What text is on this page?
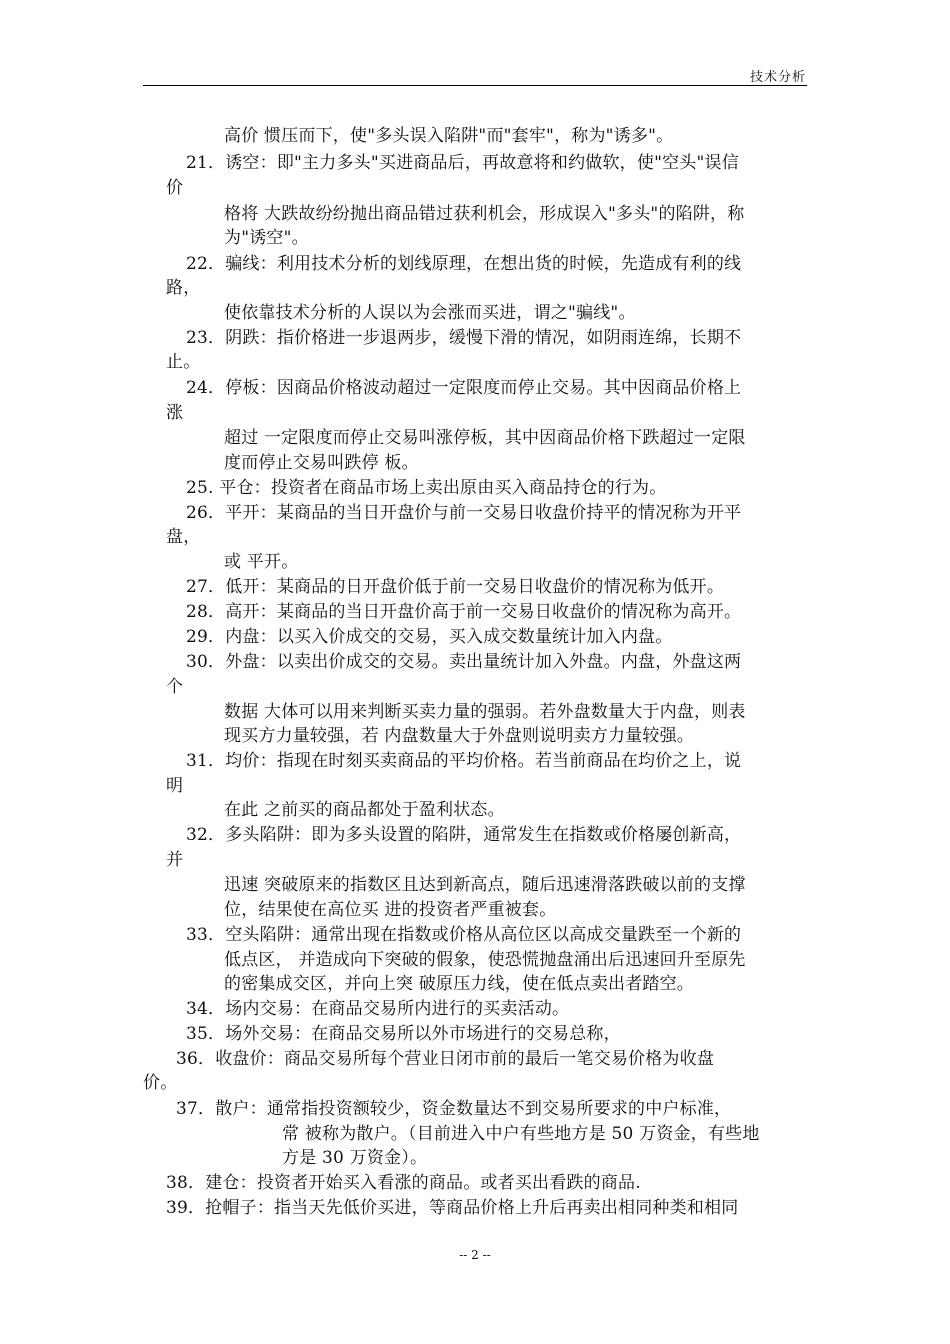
技术分析
高价 惯压而下，使"多头误入陷阱"而"套牢"，称为"诱多"。
21．诱空：即"主力多头"买进商品后，再故意将和约做软，使"空头"误信
价
格将 大跌故纷纷抛出商品错过获利机会，形成误入"多头"的陷阱，称
为"诱空"。
22．骗线：利用技术分析的划线原理，在想出货的时候，先造成有利的线
路，
使依靠技术分析的人误以为会涨而买进，谓之"骗线"。
23．阴跌：指价格进一步退两步，缓慢下滑的情况，如阴雨连绵，长期不
止。
24．停板：因商品价格波动超过一定限度而停止交易。其中因商品价格上
涨
超过 一定限度而停止交易叫涨停板，其中因商品价格下跌超过一定限
度而停止交易叫跌停 板。
25. 平仓：投资者在商品市场上卖出原由买入商品持仓的行为。
26．平开：某商品的当日开盘价与前一交易日收盘价持平的情况称为开平
盘，
或 平开。
27．低开：某商品的日开盘价低于前一交易日收盘价的情况称为低开。
28．高开：某商品的当日开盘价高于前一交易日收盘价的情况称为高开。
29．内盘：以买入价成交的交易，买入成交数量统计加入内盘。
30．外盘：以卖出价成交的交易。卖出量统计加入外盘。内盘，外盘这两
个
数据 大体可以用来判断买卖力量的强弱。若外盘数量大于内盘，则表
现买方力量较强，若 内盘数量大于外盘则说明卖方力量较强。
31．均价：指现在时刻买卖商品的平均价格。若当前商品在均价之上，说
明
在此 之前买的商品都处于盈利状态。
32．多头陷阱：即为多头设置的陷阱，通常发生在指数或价格屡创新高，
并
迅速 突破原来的指数区且达到新高点，随后迅速滑落跌破以前的支撑
位，结果使在高位买 进的投资者严重被套。
33．空头陷阱：通常出现在指数或价格从高位区以高成交量跌至一个新的
低点区， 并造成向下突破的假象，使恐慌抛盘涌出后迅速回升至原先
的密集成交区，并向上突 破原压力线，使在低点卖出者踏空。
34．场内交易：在商品交易所内进行的买卖活动。
35．场外交易：在商品交易所以外市场进行的交易总称，
36．收盘价：商品交易所每个营业日闭市前的最后一笔交易价格为收盘
价。
37．散户：通常指投资额较少，资金数量达不到交易所要求的中户标准，
常 被称为散户。（目前进入中户有些地方是 50 万资金，有些地
方是 30 万资金）。
38．建仓：投资者开始买入看涨的商品。或者买出看跌的商品.
39．抢帽子：指当天先低价买进，等商品价格上升后再卖出相同种类和相同
-- 2 --
